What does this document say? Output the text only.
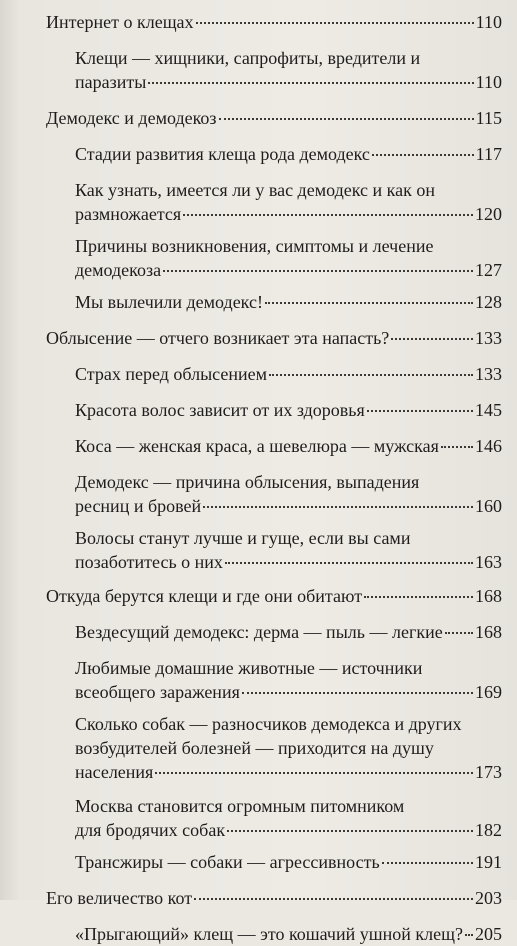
Интернет о клещах	110
Клещи — хищники, сапрофиты, вредители и
паразиты	110
Демодекс и демодекоз	115
Стадии развития клеща рода демодекс	117
Как узнать, имеется ли у вас демодекс и как он
размножается	120
Причины возникновения, симптомы и лечение
демодекоза	127
Мы вылечили демодекс!	128
Облысение — отчего возникает эта напасть?	133
Страх перед облысением	133
Красота волос зависит от их здоровья	145
Коса — женская краса, а шевелюра — мужская 146
Демодекс — причина облысения, выпадения
ресниц и бровей	160
Волосы станут лучше и гуще, если вы сами
позаботитесь о них	163
Откуда берутся клещи и где они обитают	168
Вездесущий демодекс: дерма — пыль — легкие 168
Любимые домашние животные — источники
всеобщего заражения	169
Сколько собак — разносчиков демодекса и других
возбудителей болезней — приходится на душу
населения	173
Москва становится огромным питомником
для бродячих собак	182
Трансжиры — собаки — агрессивность	191
Его величество кот	203
«Прыгающий» клещ — это кошачий ушной клещ? 205
